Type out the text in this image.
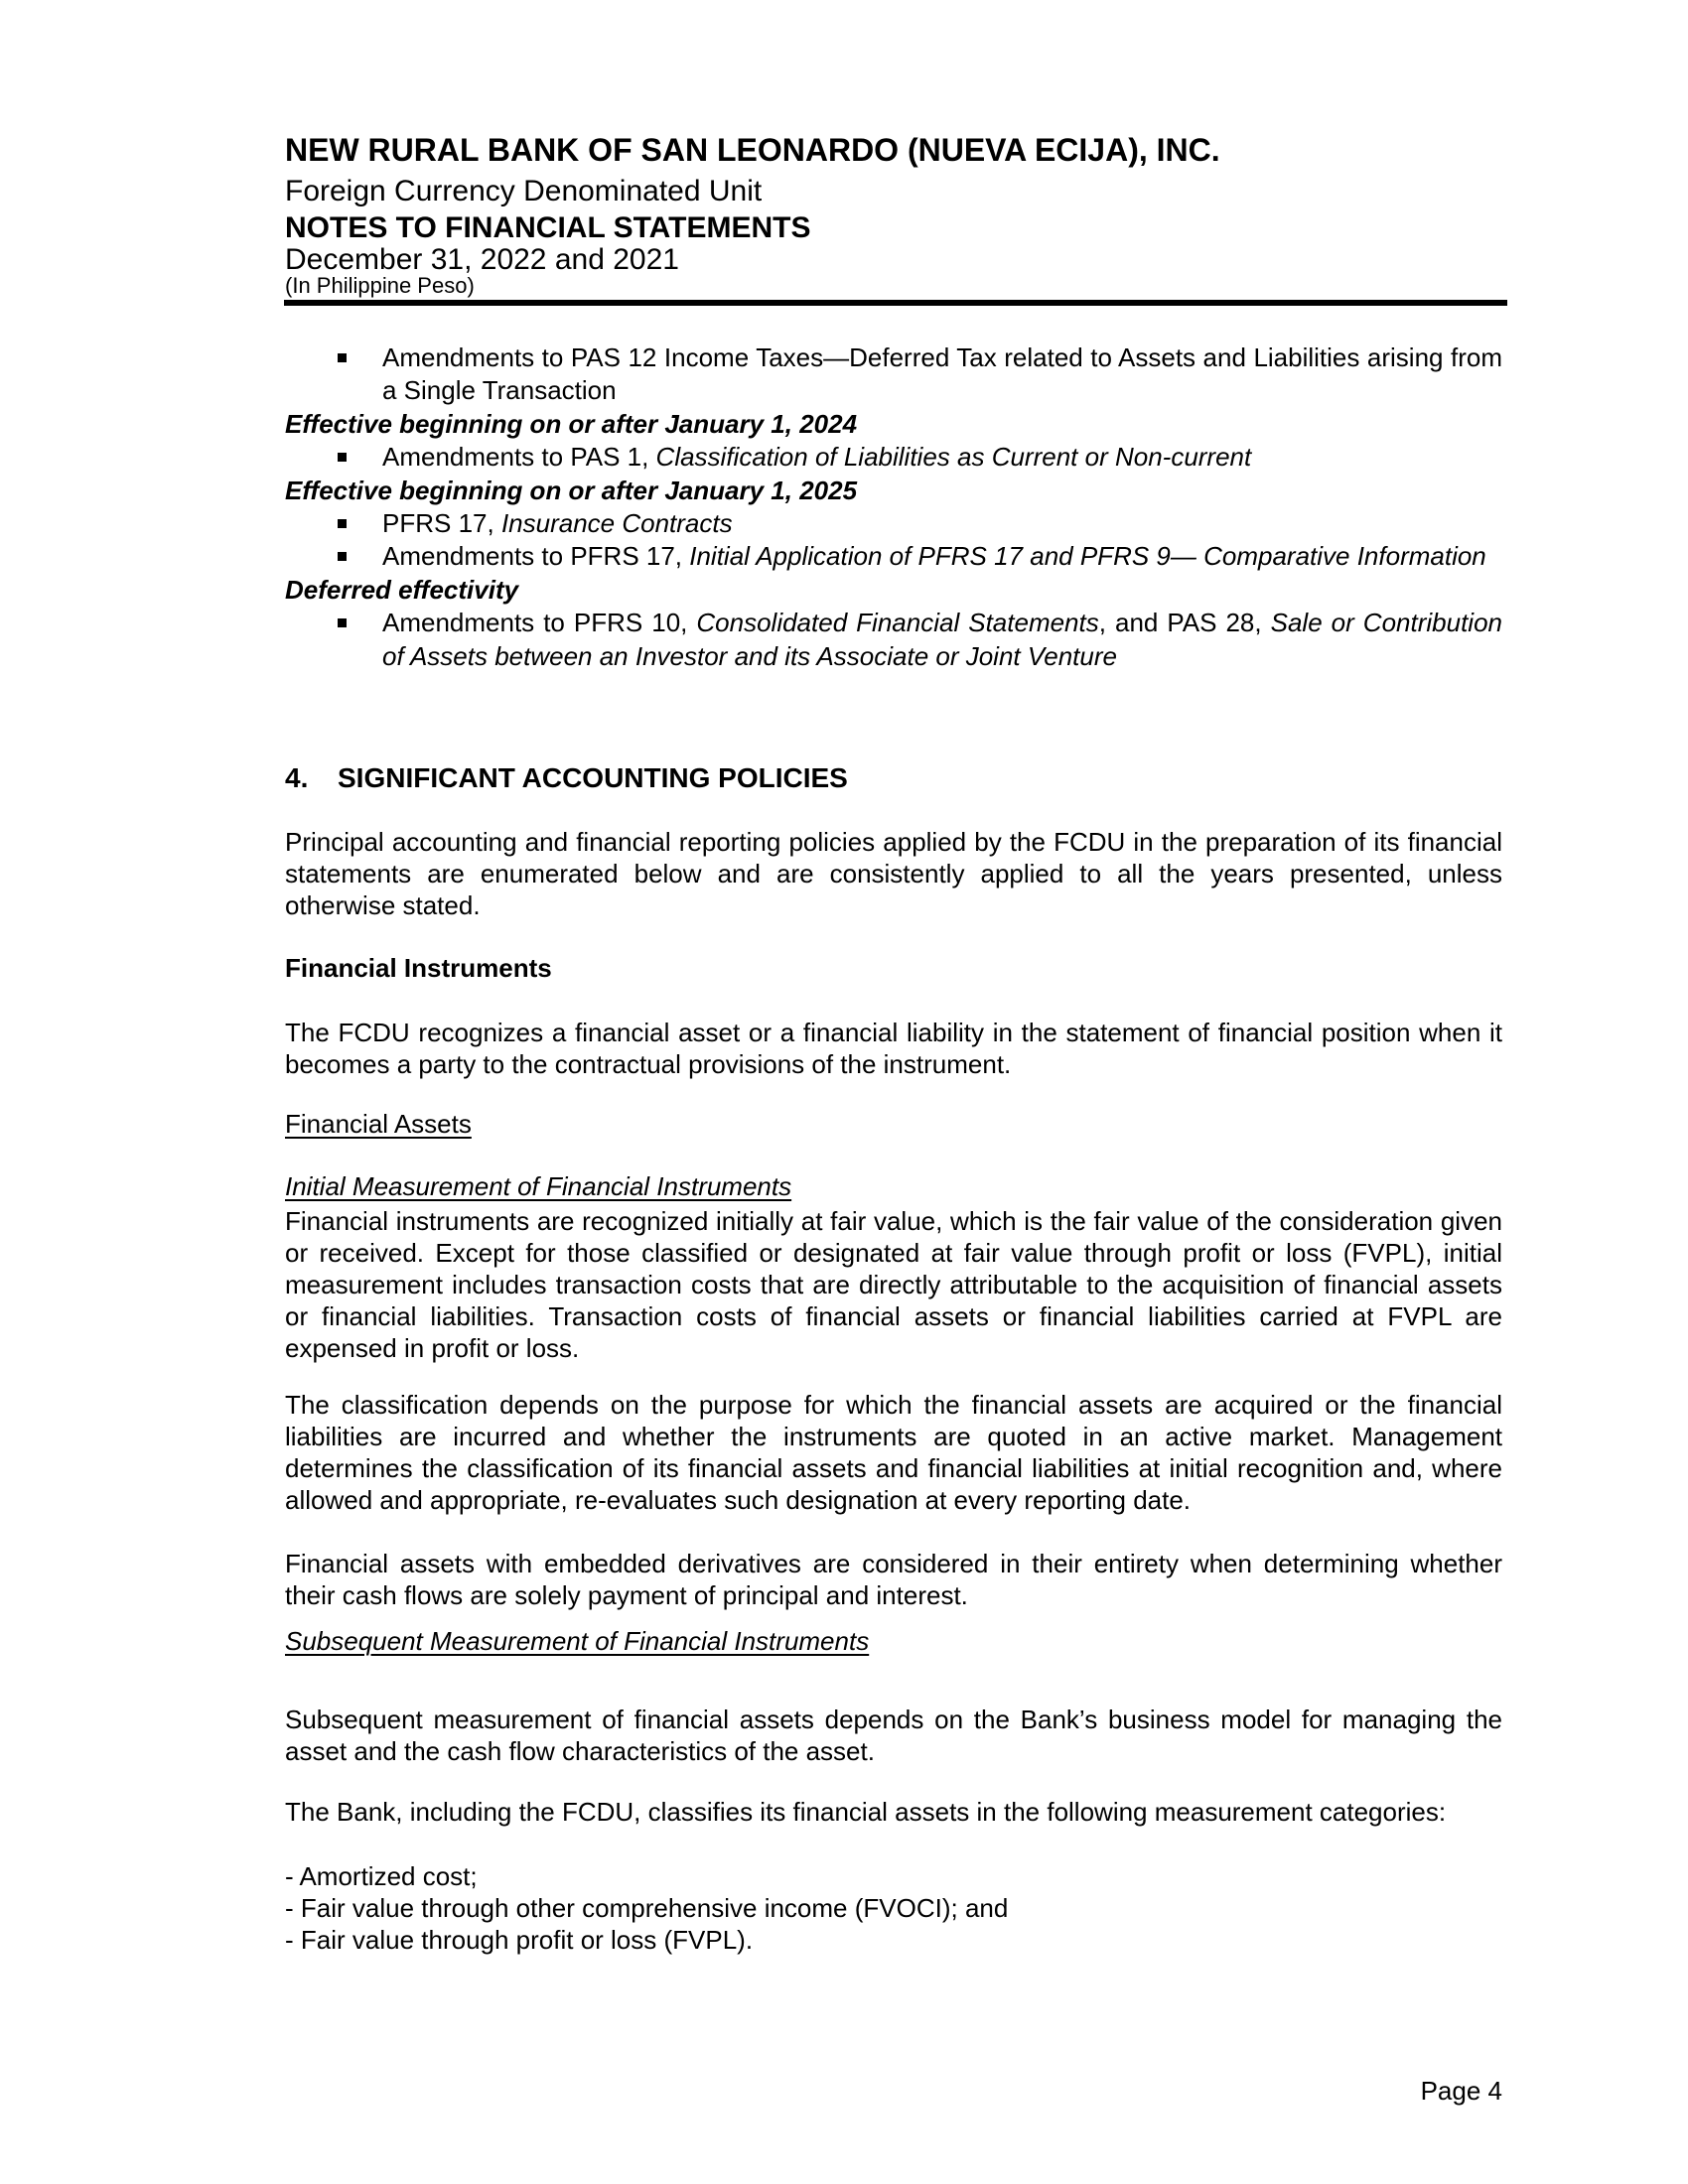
NEW RURAL BANK OF SAN LEONARDO (NUEVA ECIJA), INC.
Foreign Currency Denominated Unit
NOTES TO FINANCIAL STATEMENTS
December 31, 2022 and 2021
(In Philippine Peso)
Amendments to PAS 12 Income Taxes—Deferred Tax related to Assets and Liabilities arising from a Single Transaction
Effective beginning on or after January 1, 2024
Amendments to PAS 1, Classification of Liabilities as Current or Non-current
Effective beginning on or after January 1, 2025
PFRS 17, Insurance Contracts
Amendments to PFRS 17, Initial Application of PFRS 17 and PFRS 9— Comparative Information
Deferred effectivity
Amendments to PFRS 10, Consolidated Financial Statements, and PAS 28, Sale or Contribution of Assets between an Investor and its Associate or Joint Venture
4.	SIGNIFICANT ACCOUNTING POLICIES
Principal accounting and financial reporting policies applied by the FCDU in the preparation of its financial statements are enumerated below and are consistently applied to all the years presented, unless otherwise stated.
Financial Instruments
The FCDU recognizes a financial asset or a financial liability in the statement of financial position when it becomes a party to the contractual provisions of the instrument.
Financial Assets
Initial Measurement of Financial Instruments
Financial instruments are recognized initially at fair value, which is the fair value of the consideration given or received. Except for those classified or designated at fair value through profit or loss (FVPL), initial measurement includes transaction costs that are directly attributable to the acquisition of financial assets or financial liabilities. Transaction costs of financial assets or financial liabilities carried at FVPL are expensed in profit or loss.
The classification depends on the purpose for which the financial assets are acquired or the financial liabilities are incurred and whether the instruments are quoted in an active market. Management determines the classification of its financial assets and financial liabilities at initial recognition and, where allowed and appropriate, re-evaluates such designation at every reporting date.
Financial assets with embedded derivatives are considered in their entirety when determining whether their cash flows are solely payment of principal and interest.
Subsequent Measurement of Financial Instruments
Subsequent measurement of financial assets depends on the Bank’s business model for managing the asset and the cash flow characteristics of the asset.
The Bank, including the FCDU, classifies its financial assets in the following measurement categories:
- Amortized cost;
- Fair value through other comprehensive income (FVOCI); and
- Fair value through profit or loss (FVPL).
Page 4
